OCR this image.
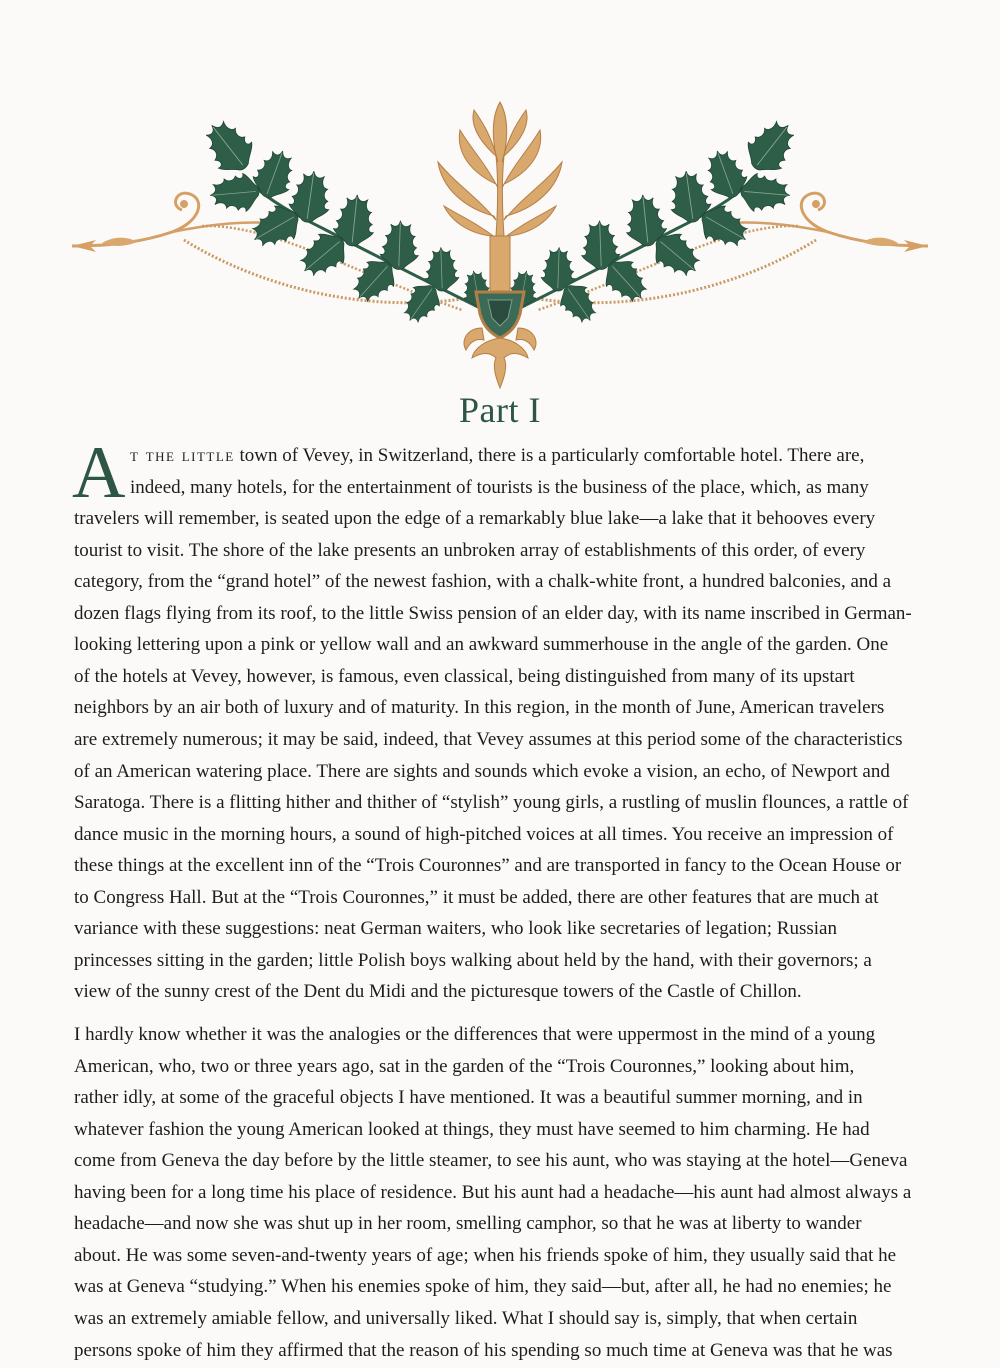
Part I
A t the little town of Vevey, in Switzerland, there is a particularly comfortable hotel. There are,

indeed, many hotels, for the entertainment of tourists is the business of the place, which, as many

travelers will remember, is seated upon the edge of a remarkably blue lake—a lake that it behooves every

tourist to visit. The shore of the lake presents an unbroken array of establishments of this order, of every

category, from the “grand hotel” of the newest fashion, with a chalk-white front, a hundred balconies, and a

dozen flags flying from its roof, to the little Swiss pension of an elder day, with its name inscribed in German-

looking lettering upon a pink or yellow wall and an awkward summerhouse in the angle of the garden. One

of the hotels at Vevey, however, is famous, even classical, being distinguished from many of its upstart

neighbors by an air both of luxury and of maturity. In this region, in the month of June, American travelers

are extremely numerous; it may be said, indeed, that Vevey assumes at this period some of the characteristics

of an American watering place. There are sights and sounds which evoke a vision, an echo, of Newport and

Saratoga. There is a flitting hither and thither of “stylish” young girls, a rustling of muslin flounces, a rattle of

dance music in the morning hours, a sound of high-pitched voices at all times. You receive an impression of

these things at the excellent inn of the “Trois Couronnes” and are transported in fancy to the Ocean House or

to Congress Hall. But at the “Trois Couronnes,” it must be added, there are other features that are much at

variance with these suggestions: neat German waiters, who look like secretaries of legation; Russian

princesses sitting in the garden; little Polish boys walking about held by the hand, with their governors; a

view of the sunny crest of the Dent du Midi and the picturesque towers of the Castle of Chillon.

I hardly know whether it was the analogies or the differences that were uppermost in the mind of a young

American, who, two or three years ago, sat in the garden of the “Trois Couronnes,” looking about him,

rather idly, at some of the graceful objects I have mentioned. It was a beautiful summer morning, and in

whatever fashion the young American looked at things, they must have seemed to him charming. He had

come from Geneva the day before by the little steamer, to see his aunt, who was staying at the hotel—Geneva

having been for a long time his place of residence. But his aunt had a headache—his aunt had almost always a

headache—and now she was shut up in her room, smelling camphor, so that he was at liberty to wander

about. He was some seven-and-twenty years of age; when his friends spoke of him, they usually said that he

was at Geneva “studying.” When his enemies spoke of him, they said—but, after all, he had no enemies; he

was an extremely amiable fellow, and universally liked. What I should say is, simply, that when certain

persons spoke of him they affirmed that the reason of his spending so much time at Geneva was that he was
